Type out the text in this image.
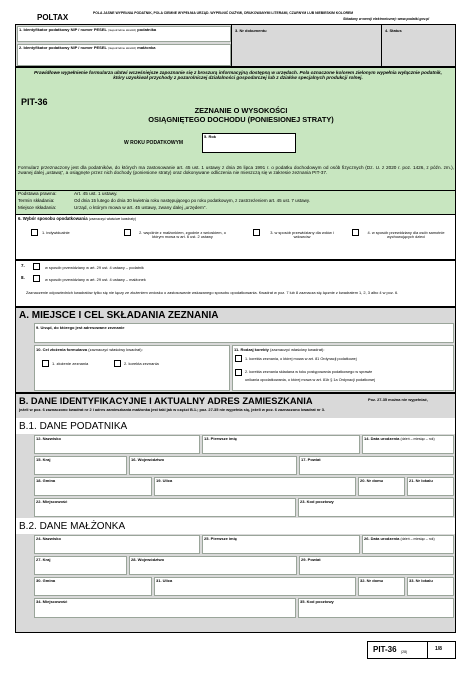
POLTAX	POLA JASNE WYPEŁNIA PODATNIK, POLA CIEMNE WYPEŁNIA URZĄD. WYPEŁNIĆ DUŻYMI, DRUKOWANYMI LITERAMI, CZARNYM LUB NIEBIESKIM KOLOREM
Składany w wersji elektronicznej: www.podatki.gov.pl
1. Identyfikator podatkowy NIP / numer PESEL (niepotrzebne skreślić) podatnika
2. Identyfikator podatkowy NIP / numer PESEL (niepotrzebne skreślić) małżonka
3. Nr dokumentu	4. Status
Prawidłowe wypełnienie formularza ułatwi wcześniejsze zapoznanie się z broszurą informacyjną dostępną w urzędach. Pola oznaczone kolorem zielonym wypełnia wyłącznie podatnik, który uzyskiwał przychody z pozarolniczej działalności gospodarczej lub z działów specjalnych produkcji rolnej.
PIT-36
ZEZNANIE O WYSOKOŚCI
OSIĄGNIĘTEGO DOCHODU (PONIESIONEJ STRATY)
W ROKU PODATKOWYM
5. Rok
Formularz przeznaczony jest dla podatników, do których ma zastosowanie art. 45 ust. 1 ustawy z dnia 26 lipca 1991 r. o podatku dochodowym od osób fizycznych (Dz. U. z 2020 r. poz. 1426, z późn. zm.), zwanej dalej „ustawą”, a osiągnęte przez nich dochody (poniesione straty) oraz dokonywane odliczenia nie mieszczą się w zakresie zeznania PIT-37.
Podstawa prawna:	Art. 45 ust. 1 ustawy.
Termin składania:	Od dnia 15 lutego do dnia 30 kwietnia roku następującego po roku podatkowym, z zastrzeżeniem art. 45 ust. 7 ustawy.
Miejsce składania:	Urząd, o którym mowa w art. 45 ustawy, zwany dalej „urzędem”.
6. Wybór sposobu opodatkowania (zaznaczyć właściwe kwadraty)
1. indywidualnie	2. wspólnie z małżonkiem, zgodnie z wnioskiem, o którym mowa w art. 6 ust. 2 ustawy
3. w sposób przewidziany dla wdów i wdowców
4. w sposób przewidziany dla osób samotnie wychowujących dzieci
7.	w sposób przewidziany w art. 29 ust. 4 ustawy – podatnik
8.	w sposób przewidziany w art. 29 ust. 4 ustawy – małżonek
Zaznaczenie odpowiednich kwadratów tylko się nie łączy ze złożeniem wniosku o zastosowanie wskazanego sposobu opodatkowania. Kwadrat w poz. 7 lub 8 zaznacza się łącznie z kwadratem 1, 2, 3 albo 4 w poz. 6.
A. MIEJSCE I CEL SKŁADANIA ZEZNANIA
9. Urząd, do którego jest adresowane zeznanie
10. Cel złożenia formularza (zaznaczyć właściwy kwadrat):
1. złożenie zeznania	2. korekta zeznania
11. Rodzaj korekty (zaznaczyć właściwy kwadrat):
1. korekta zeznania, o której mowa w art. 81 Ordynacji podatkowej
2. korekta zeznania składana w toku postępowania podatkowego w sprawie
unikania opodatkowania, o której mowa w art. 81b § 1a Ordynacji podatkowej
B. DANE IDENTYFIKACYJNE I AKTUALNY ADRES ZAMIESZKANIA	Poz. 27-35 można nie wypełniać,
jeżeli w poz. 6 zaznaczono kwadrat nr 2 i adres zamieszkania małżonka jest taki jak w części B.1.; poz. 27-35 nie wypełnia się, jeżeli w poz. 6 zaznaczono kwadrat nr 3.
B.1. DANE PODATNIKA
12. Nazwisko	13. Pierwsze imię	14. Data urodzenia (dzień – miesiąc – rok)
15. Kraj	16. Województwo	17. Powiat
18. Gmina	19. Ulica	20. Nr domu	21. Nr lokalu
22. Miejscowość	23. Kod pocztowy
B.2. DANE MAŁŻONKA
24. Nazwisko	25. Pierwsze imię	26. Data urodzenia (dzień – miesiąc – rok)
27. Kraj	28. Województwo	29. Powiat
30. Gmina	31. Ulica	32. Nr domu	33. Nr lokalu
34. Miejscowość	35. Kod pocztowy
PIT-36 (28)	1/8
